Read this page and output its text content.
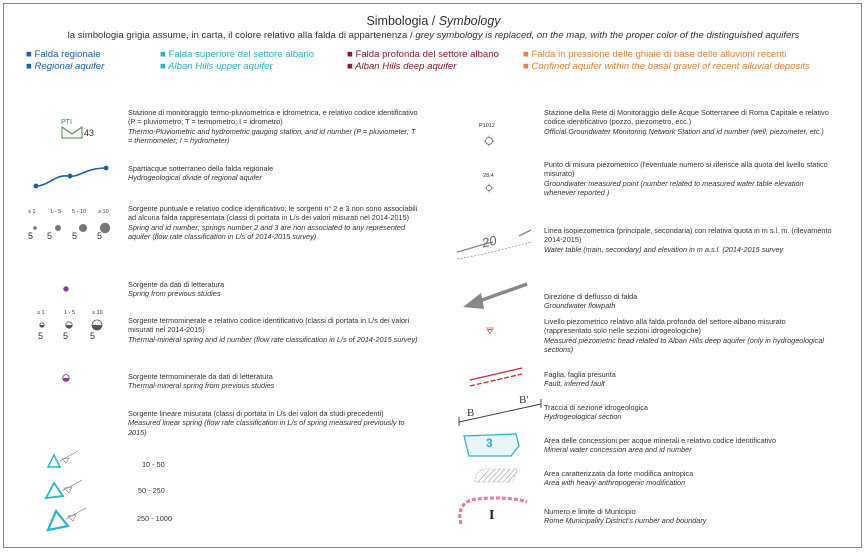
Simbologia / Symbology
la simbologia grigia assume, in carta, il colore relativo alla falda di appartenenza / grey symbology is replaced, on the map, with the proper color of the distinguished aquifers
■ Falda regionale
■ Regional aquifer
■ Falda superiore del settore albano
■ Alban Hills upper aquifer
■ Falda profonda del settore albano
■ Alban Hills deep aquifer
■ Falda in pressione delle ghiaie di base delle alluvioni recenti
■ Confined aquifer within the basal gravel of recent alluvial deposits
PTI
43
Stazione di monitoraggio termo-pluviometrica e idrometrica, e relativo codice identificativo (P = pluviometro; T = termometro; I = idrometro)
Thermo-Pluviometric and hydrometric gauging station, and id number (P = pluviometer; T = thermometer; I = hydrometer)
Spartiacque sotterraneo della falda regionale
Hydrogeological divide of regional aquifer
≤ 1	1 - 5 5 - 10 ≥ 10
5 5 5 5
Sorgente puntuale e relativo codice identificativo; le sorgenti n° 2 e 3 non sono associabili ad alcuna falda rappresentata (classi di portata in L/s dei valori misurati nel 2014-2015)
Spring and id number; springs number 2 and 3 are non associated to any represented aquifer (flow rate classification in L/s of 2014-2015 survey)
Sorgente da dati di letteratura
Spring from previous studies
≤ 1	1 - 5	≥ 10
5 5 5
Sorgente termominerale e relativo codice identificativo (classi di portata in L/s dei valori misurati nel 2014-2015)
Thermal-mineral spring and id number (flow rate classification in L/s of 2014-2015 survey)
Sorgente termominerale da dati di letteratura
Thermal-mineral spring from previous studies
Sorgente lineare misurata (classi di portata in L/s dei valori da studi precedenti)
Measured linear spring (flow rate classification in L/s of spring measured previously to 2015)
10 - 50
50 - 250
250 - 1000
P1012
Stazione della Rete di Monitoraggio delle Acque Sotterranee di Roma Capitale e relativo codice identificativo (pozzo, piezometro, ecc.)
Official Groundwater Monitoring Network Station and id number (well, piezometer, etc.)
28,4
Punto di misura piezometrico (l'eventuale numero si riferisce alla quota del livello statico misurato)
Groundwater measured point (number related to measured water table elevation whenever reported )
20
Linea isopiezometrica (principale, secondaria) con relativa quota in m s.l. m. (rilevamento 2014-2015)
Water table (main, secondary) and elevation in m a.s.l. (2014-2015 survey
Direzione di deflusso di falda
Groundwater flowpath
Livello piezometrico relativo alla falda profonda del settore albano misurato (rappresentato solo nelle sezioni idrogeologiche)
Measured piezometric head related to Alban Hills deep aquifer (only in hydrogeological sections)
Faglia, faglia presunta
Fault, inferred fault
B
B'
Traccia di sezione idrogeologica
Hydrogeological section
3	Area delle concessioni per acque minerali e relativo codice identificativo
Mineral water concession area and id number
Area caratterizzata da forte modifica antropica
Area with heavy anthropogenic modification
I	Numero e limite di Municipio
Rome Municipality District's number and boundary
